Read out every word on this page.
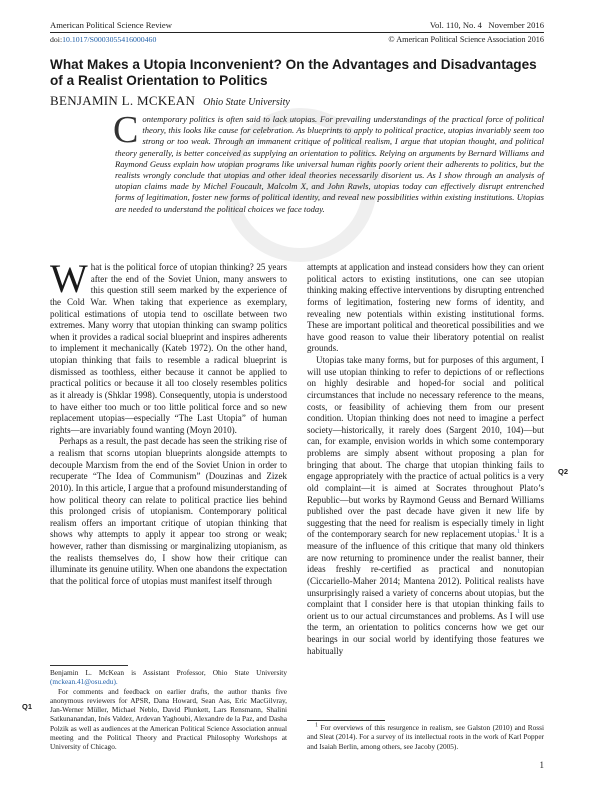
American Political Science Review	Vol. 110, No. 4 November 2016
doi:10.1017/S0003055416000460	© American Political Science Association 2016
What Makes a Utopia Inconvenient? On the Advantages and Disadvantages of a Realist Orientation to Politics
BENJAMIN L. MCKEAN Ohio State University

Contemporary politics is often said to lack utopias. For prevailing understandings of the practical force of political theory, this looks like cause for celebration. As blueprints to apply to political practice, utopias invariably seem too strong or too weak. Through an immanent critique of political realism, I argue that utopian thought, and political theory generally, is better conceived as supplying an orientation to politics. Relying on arguments by Bernard Williams and Raymond Geuss explain how utopian programs like universal human rights poorly orient their adherents to politics, but the realists wrongly conclude that utopias and other ideal theories necessarily disorient us. As I show through an analysis of utopian claims made by Michel Foucault, Malcolm X, and John Rawls, utopias today can effectively disrupt entrenched forms of legitimation, foster new forms of political identity, and reveal new possibilities within existing institutions. Utopias are needed to understand the political choices we face today.

What is the political force of utopian thinking? 25 years after the end of the Soviet Union, many answers to this question still seem marked by the experience of the Cold War. When taking that experience as exemplary, political estimations of utopia tend to oscillate between two extremes. Many worry that utopian thinking can swamp politics when it provides a radical social blueprint and inspires adherents to implement it mechanically (Kateb 1972). On the other hand, utopian thinking that fails to resemble a radical blueprint is dismissed as toothless, either because it cannot be applied to practical politics or because it all too closely resembles politics as it already is (Shklar 1998). Consequently, utopia is understood to have either too much or too little political force and so new replacement utopias—especially “The Last Utopia” of human rights—are invariably found wanting (Moyn 2010).

Perhaps as a result, the past decade has seen the striking rise of a realism that scorns utopian blueprints alongside attempts to decouple Marxism from the end of the Soviet Union in order to recuperate “The Idea of Communism” (Douzinas and Zizek 2010). In this article, I argue that a profound misunderstanding of how political theory can relate to political practice lies behind this prolonged crisis of utopianism. Contemporary political realism offers an important critique of utopian thinking that shows why attempts to apply it appear too strong or weak; however, rather than dismissing or marginalizing utopianism, as the realists themselves do, I show how their critique can illuminate its genuine utility. When one abandons the expectation that the political force of utopias must manifest itself through

Benjamin L. McKean is Assistant Professor, Ohio State University (mckean.41@osu.edu).

For comments and feedback on earlier drafts, the author thanks five anonymous reviewers for APSR, Dana Howard, Sean Aas, Eric MacGilvray, Jan-Werner Müller, Michael Neblo, David Plunkett, Lars Rensmann, Shalini Satkunanandan, Inés Valdez, Ardevan Yaghoubi, Alexandre de la Paz, and Dasha Polzik as well as audiences at the American Political Science Association annual meeting and the Political Theory and Practical Philosophy Workshops at University of Chicago.

Q1

attempts at application and instead considers how they can orient political actors to existing institutions, one can see utopian thinking making effective interventions by disrupting entrenched forms of legitimation, fostering new forms of identity, and revealing new potentials within existing institutional forms. These are important political and theoretical possibilities and we have good reason to value their liberatory potential on realist grounds.

Utopias take many forms, but for purposes of this argument, I will use utopian thinking to refer to depictions of or reflections on highly desirable and hoped-for social and political circumstances that include no necessary reference to the means, costs, or feasibility of achieving them from our present condition. Utopian thinking does not need to imagine a perfect society—historically, it rarely does (Sargent 2010, 104)—but can, for example, envision worlds in which some contemporary problems are simply absent without proposing a plan for bringing that about. The charge that utopian thinking fails to engage appropriately with the practice of actual politics is a very old complaint—it is aimed at Socrates throughout Plato’s Republic—but works by Raymond Geuss and Bernard Williams published over the past decade have given it new life by suggesting that the need for realism is especially timely in light of the contemporary search for new replacement utopias.$^1$ It is a measure of the influence of this critique that many old thinkers are now returning to prominence under the realist banner, their ideas freshly re-certified as practical and nonutopian (Ciccariello-Maher 2014; Mantena 2012). Political realists have unsurprisingly raised a variety of concerns about utopias, but the complaint that I consider here is that utopian thinking fails to orient us to our actual circumstances and problems. As I will use the term, an orientation to politics concerns how we get our bearings in our social world by identifying those features we habitually

Q2

$^1$ For overviews of this resurgence in realism, see Galston (2010) and Rossi and Sleat (2014). For a survey of its intellectual roots in the work of Karl Popper and Isaiah Berlin, among others, see Jacoby (2005).

1
